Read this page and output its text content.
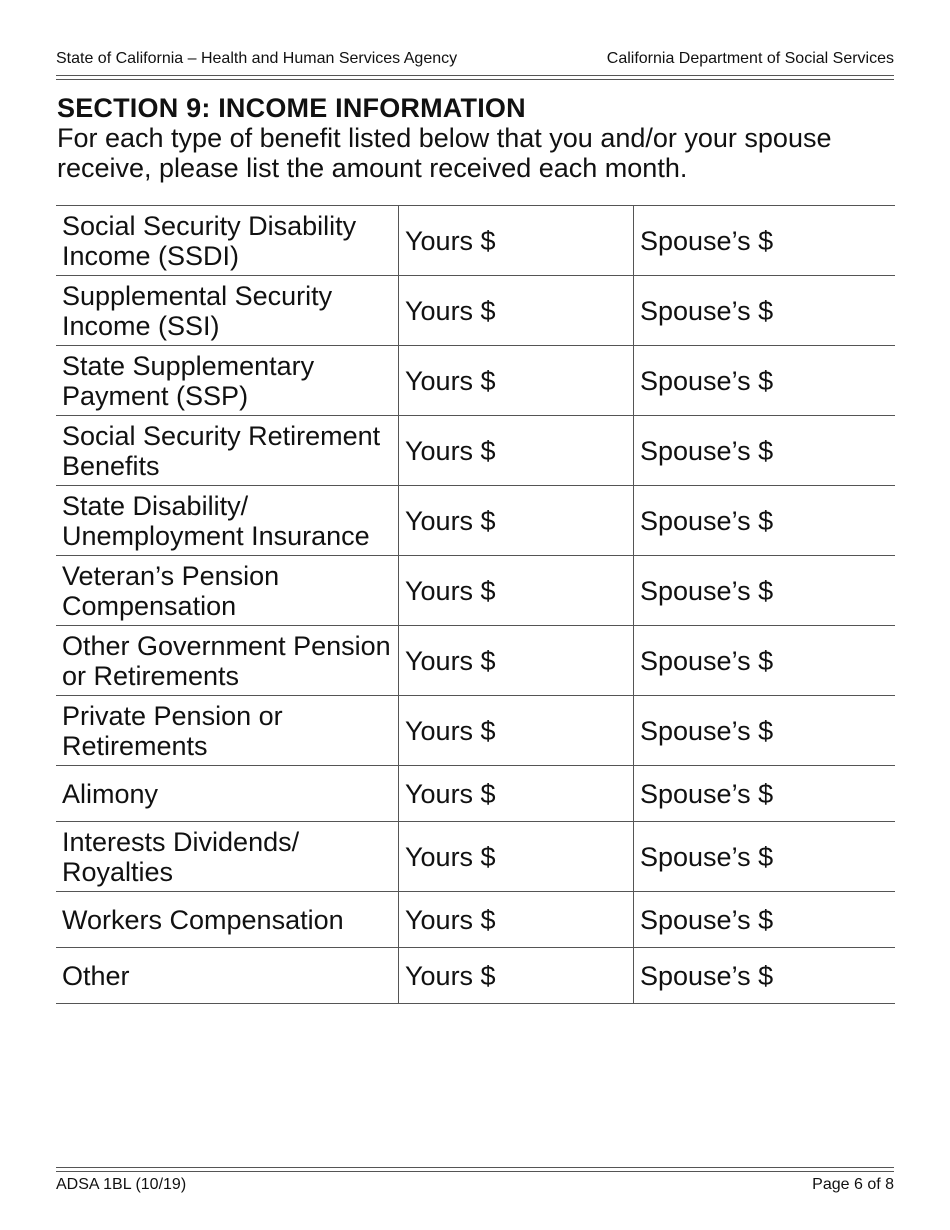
State of California – Health and Human Services Agency	California Department of Social Services
SECTION 9: INCOME INFORMATION
For each type of benefit listed below that you and/or your spouse receive, please list the amount received each month.
Social Security Disability Income (SSDI)	Yours $	Spouse’s $
Supplemental Security Income (SSI)	Yours $	Spouse’s $
State Supplementary Payment (SSP)	Yours $	Spouse’s $
Social Security Retirement Benefits	Yours $	Spouse’s $
State Disability/ Unemployment Insurance	Yours $	Spouse’s $
Veteran’s Pension Compensation	Yours $	Spouse’s $
Other Government Pension or Retirements	Yours $	Spouse’s $
Private Pension or Retirements	Yours $	Spouse’s $
Alimony	Yours $	Spouse’s $
Interests Dividends/ Royalties	Yours $	Spouse’s $
Workers Compensation	Yours $	Spouse’s $
Other	Yours $	Spouse’s $
ADSA 1BL (10/19)	Page 6 of 8
